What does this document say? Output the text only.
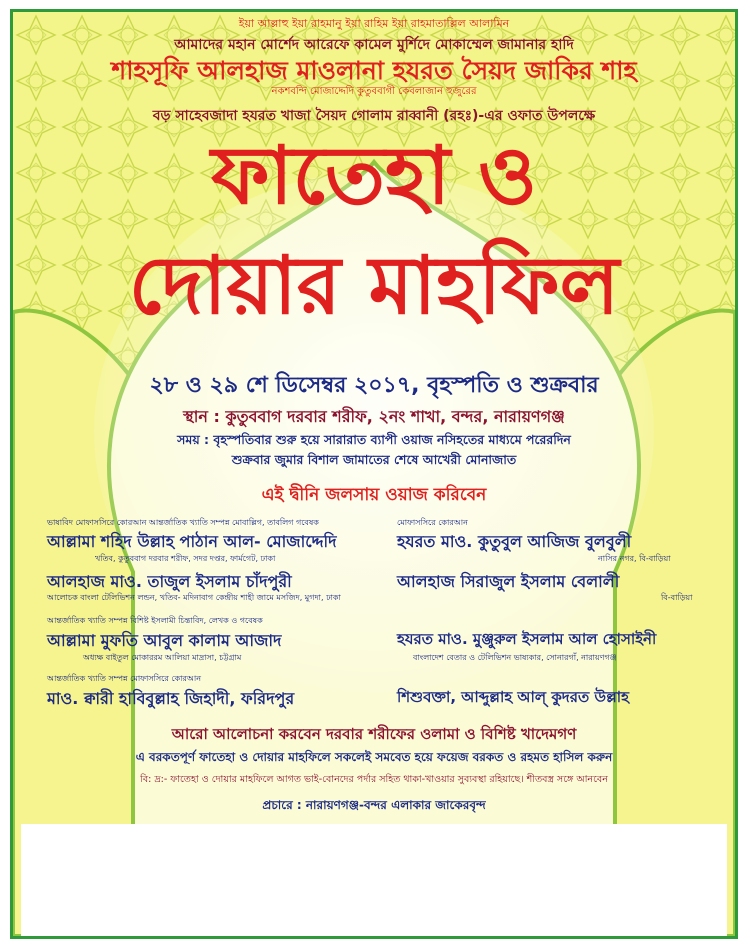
ইয়া আল্লাহু ইয়া রাহমানু ইয়া রাহিম ইয়া রাহমাতাল্লিল আলামিন
আমাদের মহান মোর্শেদ আরেফে কামেল মুর্শিদে মোকাম্মেল জামানার হাদি
শাহসূফি আলহাজ মাওলানা হযরত সৈয়দ জাকির শাহ
নকশবন্দি মোজাদ্দেদি কুতুববাগী কেবলাজান হুজুরের
বড় সাহেবজাদা হযরত খাজা সৈয়দ গোলাম রাব্বানী (রহঃ)-এর ওফাত উপলক্ষে
ফাতেহা ও
দোয়ার মাহফিল
২৮ ও ২৯ শে ডিসেম্বর ২০১৭, বৃহস্পতি ও শুক্রবার
স্থান : কুতুববাগ দরবার শরীফ, ২নং শাখা, বন্দর, নারায়ণগঞ্জ
সময় : বৃহস্পতিবার শুরু হয়ে সারারাত ব্যাপী ওয়াজ নসিহতের মাধ্যমে পরেরদিন
শুক্রবার জুমার বিশাল জামাতের শেষে আখেরী মোনাজাত
এই দ্বীনি জলসায় ওয়াজ করিবেন
ভাষাবিদ মোফাসসিরে কোরআন আন্তর্জাতিক খ্যাতি সম্পন্ন মোবাল্লিগ, তাবলিগ গবেষক
আল্লামা শহিদ উল্লাহ পাঠান আল- মোজাদ্দেদি
খতিব, কুতুববাগ দরবার শরীফ, সদর দপ্তর, ফার্মগেট, ঢাকা
আলহাজ মাও. তাজুল ইসলাম চাঁদপুরী
আলোচক বাংলা টেলিভিশন লন্ডন, খতিব- মদিনাবাগ কেন্দ্রীয় শাহী জামে মসজিদ, মুগদা, ঢাকা
আন্তর্জাতিক খ্যাতি সম্পন্ন বিশিষ্ট ইসলামী চিন্তাবিদ, লেখক ও গবেষক
আল্লামা মুফতি আবুল কালাম আজাদ
অধ্যক্ষ বাইতুল মোকাররম আলিয়া মাদ্রাসা, চট্টগ্রাম
আন্তর্জাতিক খ্যাতি সম্পন্ন মোফাসসিরে কোরআন
মাও. ক্বারী হাবিবুল্লাহ জিহাদী, ফরিদপুর
মোফাসসিরে কোরআন
হযরত মাও. কুতুবুল আজিজ বুলবুলী
নাসির নগর, বি-বাড়িয়া
আলহাজ সিরাজুল ইসলাম বেলালী
বি-বাড়িয়া
হযরত মাও. মুঞ্জুরুল ইসলাম আল হোসাইনী
বাংলাদেশ বেতার ও টেলিভিশন ভাষ্যকার, সোনারগাঁ, নারায়ণগঞ্জ
শিশুবক্তা, আব্দুল্লাহ আল্ কুদরত উল্লাহ
আরো আলোচনা করবেন দরবার শরীফের ওলামা ও বিশিষ্ট খাদেমগণ
এ বরকতপূর্ণ ফাতেহা ও দোয়ার মাহফিলে সকলেই সমবেত হয়ে ফয়েজ বরকত ও রহমত হাসিল করুন
বি: দ্র:- ফাতেহা ও দোয়ার মাহফিলে আগত ভাই-বোনদের পর্দার সহিত থাকা-খাওয়ার সুব্যবস্থা রহিয়াছে। শীতবস্ত্র সঙ্গে আনবেন
প্রচারে : নারায়ণগঞ্জ-বন্দর এলাকার জাকেরবৃন্দ
